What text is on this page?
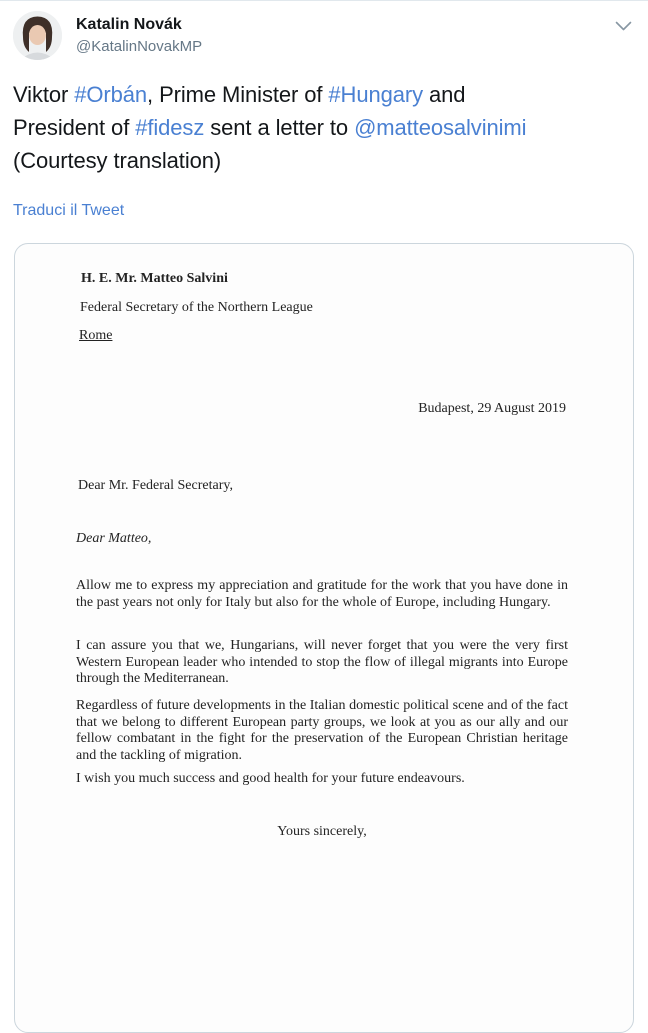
Katalin Novák
@KatalinNovakMP
Viktor #Orbán, Prime Minister of #Hungary and
President of #fidesz sent a letter to @matteosalvinimi
(Courtesy translation)
Traduci il Tweet
H. E. Mr. Matteo Salvini
Federal Secretary of the Northern League
Rome
Budapest, 29 August 2019
Dear Mr. Federal Secretary,
Dear Matteo,
Allow me to express my appreciation and gratitude for the work that you have done in the past years not only for Italy but also for the whole of Europe, including Hungary.
I can assure you that we, Hungarians, will never forget that you were the very first Western European leader who intended to stop the flow of illegal migrants into Europe through the Mediterranean.
Regardless of future developments in the Italian domestic political scene and of the fact that we belong to different European party groups, we look at you as our ally and our fellow combatant in the fight for the preservation of the European Christian heritage and the tackling of migration.
I wish you much success and good health for your future endeavours.
Yours sincerely,
